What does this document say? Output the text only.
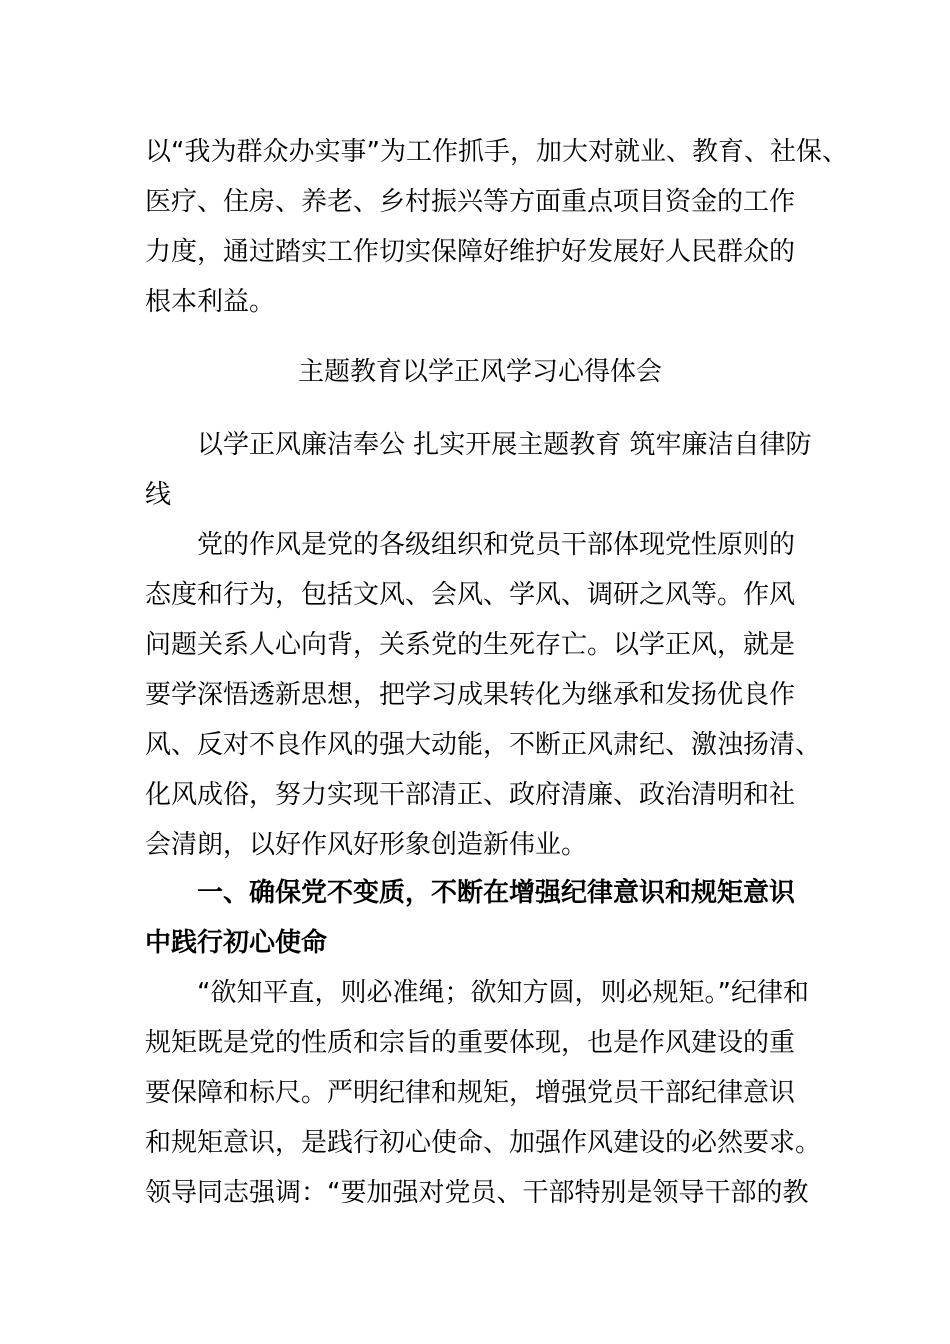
以“我为群众办实事”为工作抓手，加大对就业、教育、社保、
医疗、住房、养老、乡村振兴等方面重点项目资金的工作
力度，通过踏实工作切实保障好维护好发展好人民群众的
根本利益。
主题教育以学正风学习心得体会
以学正风廉洁奉公 扎实开展主题教育 筑牢廉洁自律防
线
党的作风是党的各级组织和党员干部体现党性原则的
态度和行为，包括文风、会风、学风、调研之风等。作风
问题关系人心向背，关系党的生死存亡。以学正风，就是
要学深悟透新思想，把学习成果转化为继承和发扬优良作
风、反对不良作风的强大动能，不断正风肃纪、激浊扬清、
化风成俗，努力实现干部清正、政府清廉、政治清明和社
会清朗，以好作风好形象创造新伟业。
一、确保党不变质，不断在增强纪律意识和规矩意识
中践行初心使命
“欲知平直，则必准绳；欲知方圆，则必规矩。”纪律和
规矩既是党的性质和宗旨的重要体现，也是作风建设的重
要保障和标尺。严明纪律和规矩，增强党员干部纪律意识
和规矩意识，是践行初心使命、加强作风建设的必然要求。
领导同志强调：“要加强对党员、干部特别是领导干部的教
